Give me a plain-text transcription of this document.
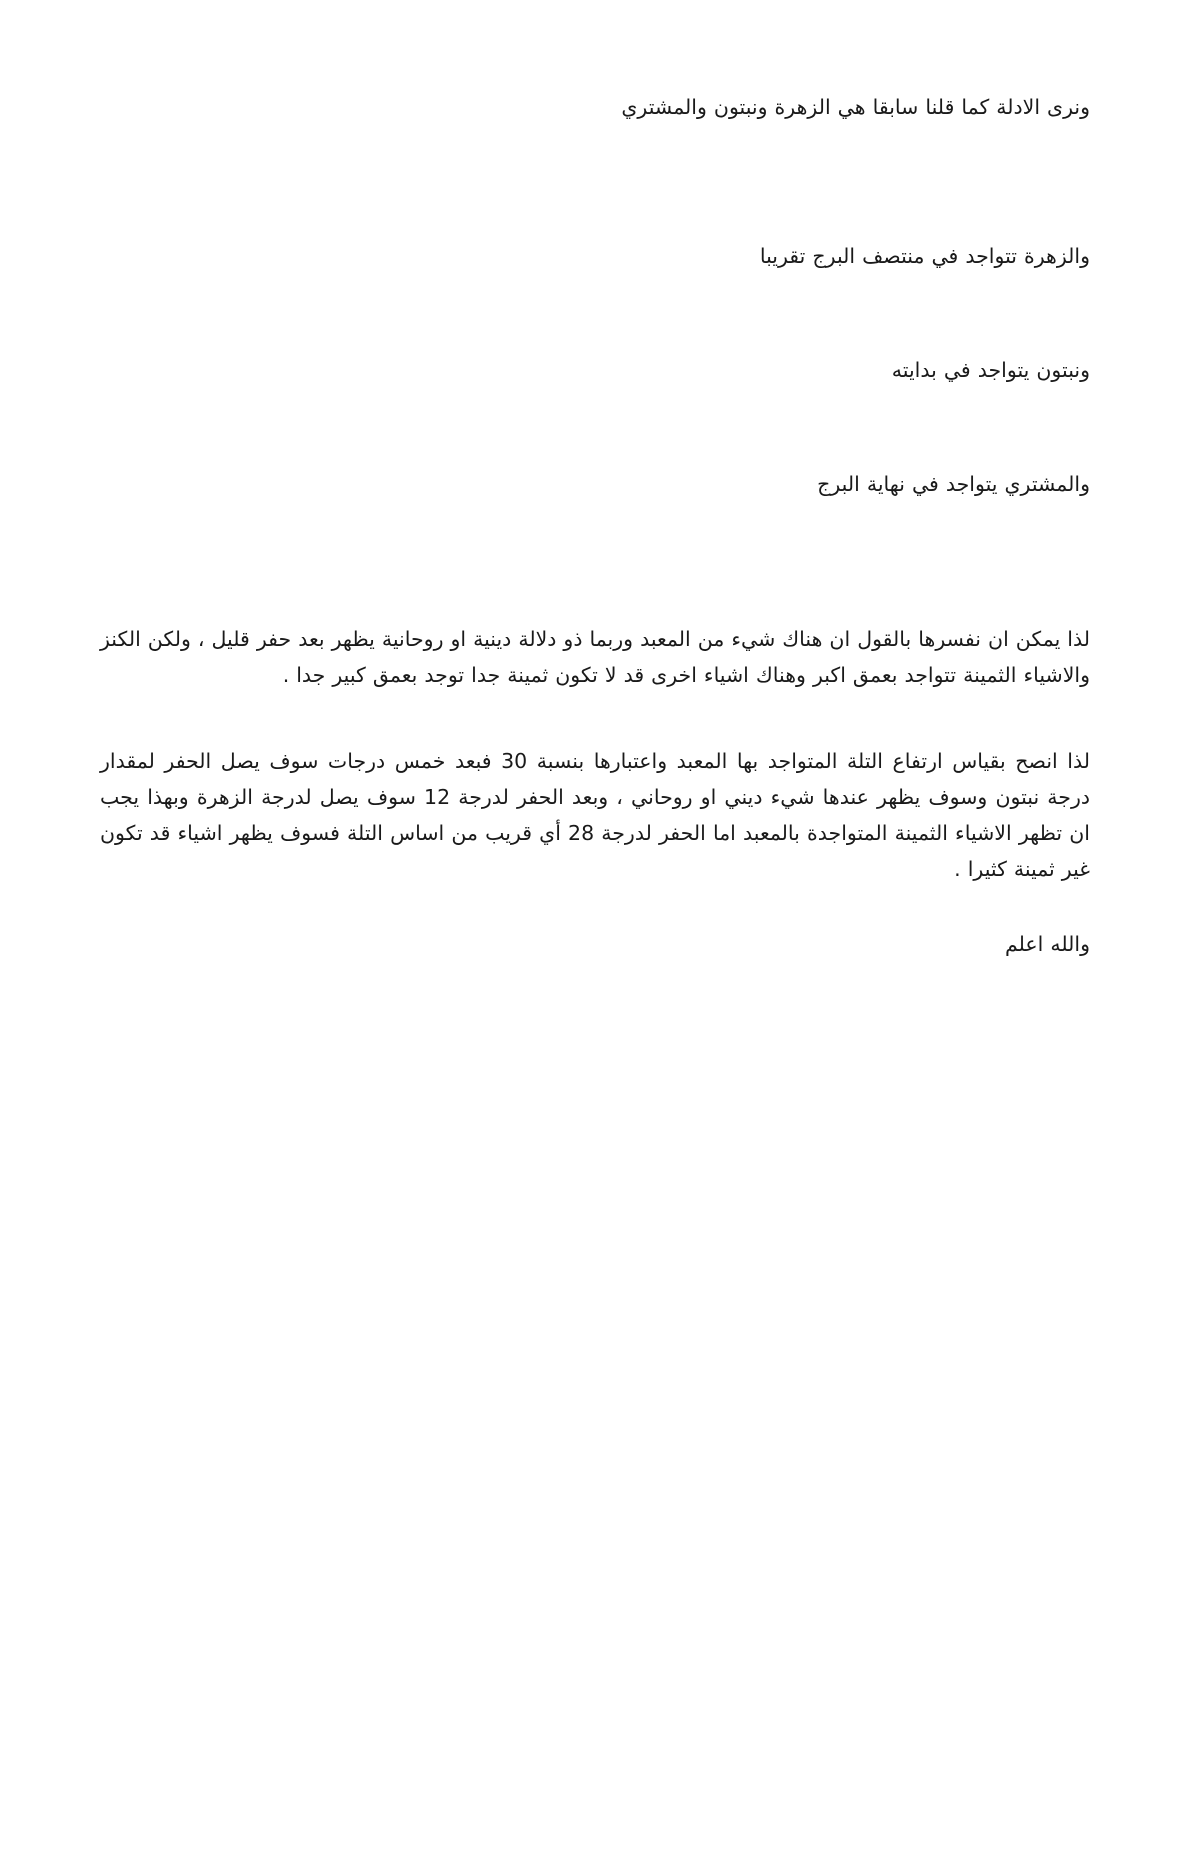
ونرى الادلة كما قلنا سابقا هي الزهرة ونبتون والمشتري

والزهرة تتواجد في منتصف البرج تقريبا

ونبتون يتواجد في بدايته

والمشتري يتواجد في نهاية البرج

لذا يمكن ان نفسرها بالقول ان هناك شيء من المعبد وربما ذو دلالة دينية او روحانية يظهر بعد حفر قليل ، ولكن الكنز والاشياء الثمينة تتواجد بعمق اكبر وهناك اشياء اخرى قد لا تكون ثمينة جدا توجد بعمق كبير جدا .

لذا انصح بقياس ارتفاع التلة المتواجد بها المعبد واعتبارها بنسبة 30 فبعد خمس درجات سوف يصل الحفر لمقدار درجة نبتون وسوف يظهر عندها شيء ديني او روحاني ، وبعد الحفر لدرجة 12 سوف يصل لدرجة الزهرة وبهذا يجب ان تظهر الاشياء الثمينة المتواجدة بالمعبد اما الحفر لدرجة 28 أي قريب من اساس التلة فسوف يظهر اشياء قد تكون غير ثمينة كثيرا .

والله اعلم
